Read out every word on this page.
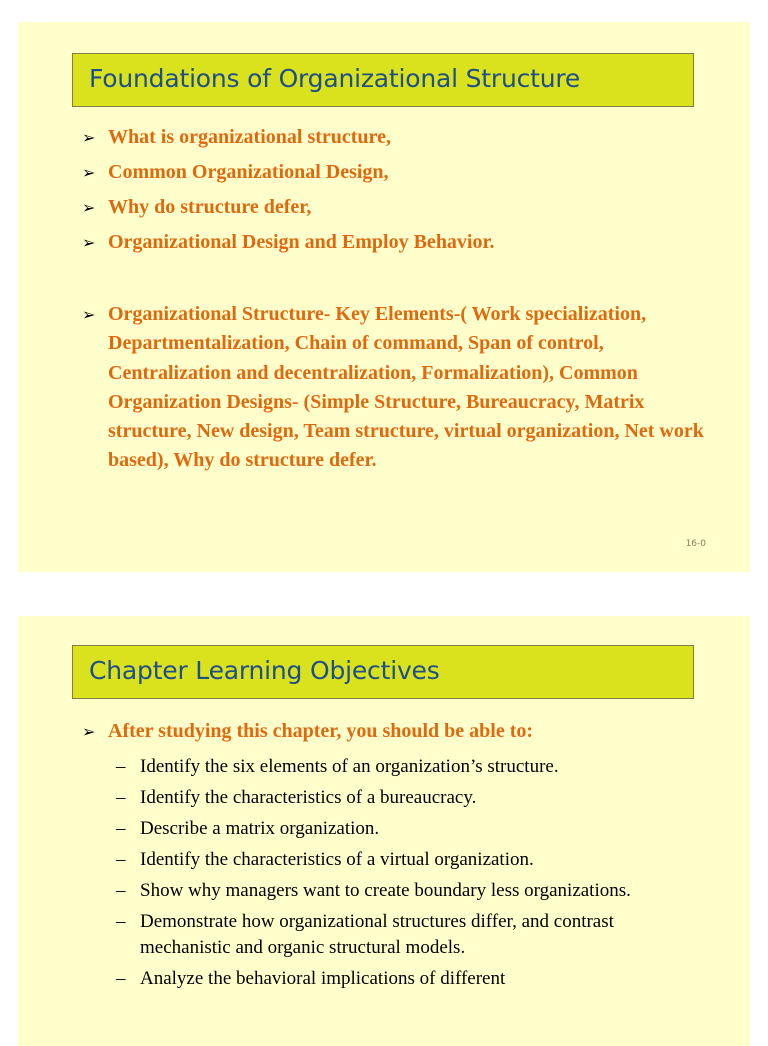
Foundations of Organizational Structure
➢ What is organizational structure,
➢ Common Organizational Design,
➢ Why do structure defer,
➢ Organizational Design and Employ Behavior.
➢ Organizational Structure- Key Elements-( Work specialization, Departmentalization, Chain of command, Span of control, Centralization and decentralization, Formalization), Common Organization Designs- (Simple Structure, Bureaucracy, Matrix structure, New design, Team structure, virtual organization, Net work based), Why do structure defer.
16-0
Chapter Learning Objectives
➢ After studying this chapter, you should be able to:
– Identify the six elements of an organization’s structure.
– Identify the characteristics of a bureaucracy.
– Describe a matrix organization.
– Identify the characteristics of a virtual organization.
– Show why managers want to create boundary less organizations.
– Demonstrate how organizational structures differ, and contrast mechanistic and organic structural models.
– Analyze the behavioral implications of different
